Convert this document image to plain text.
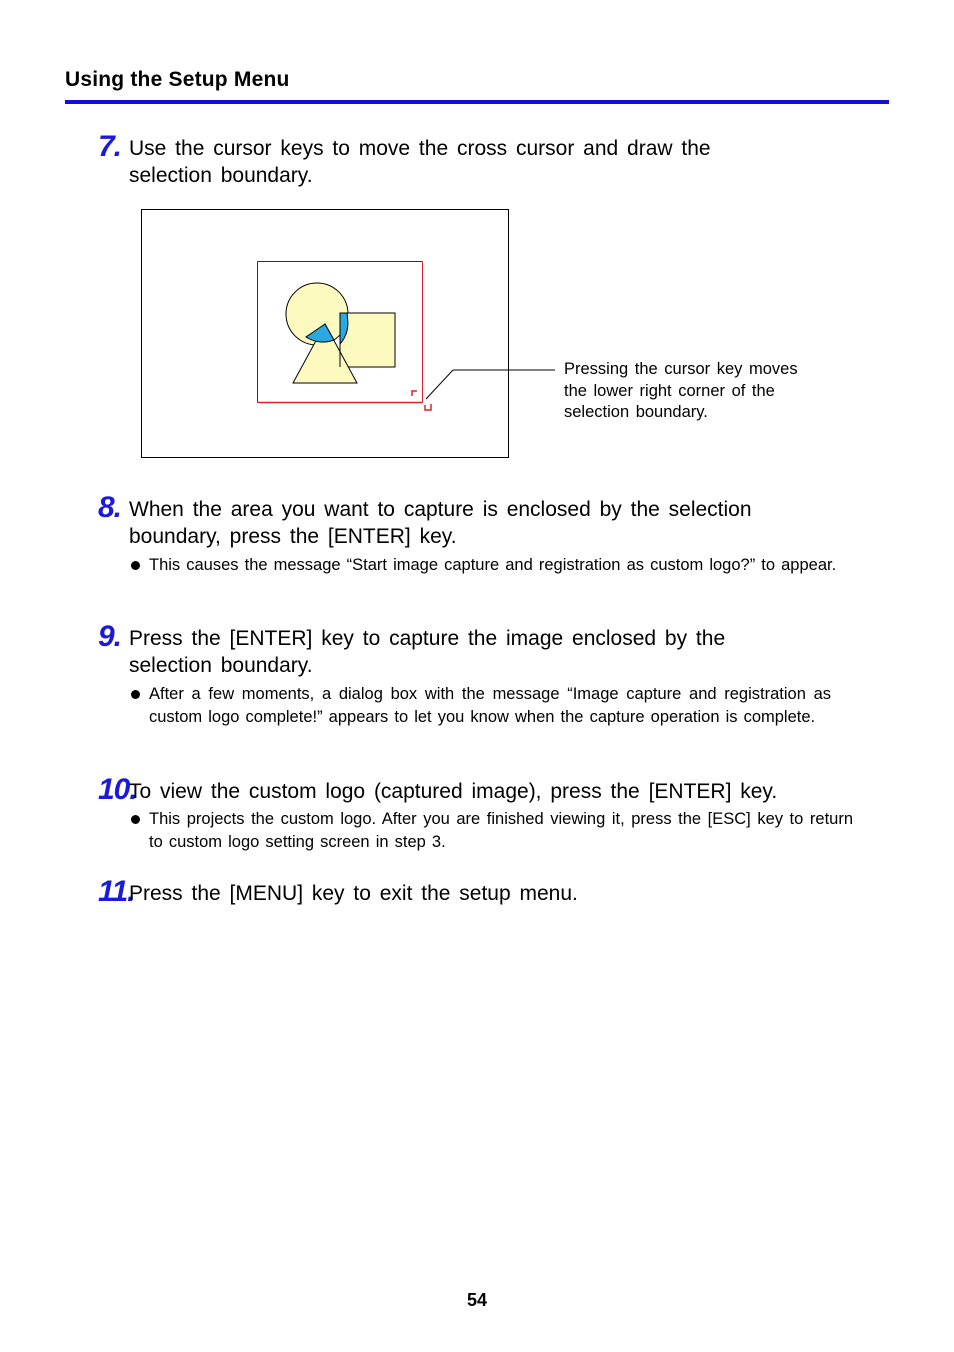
Using the Setup Menu
7. Use the cursor keys to move the cross cursor and draw the selection boundary.
Pressing the cursor key moves the lower right corner of the selection boundary.
8. When the area you want to capture is enclosed by the selection boundary, press the [ENTER] key.
This causes the message “Start image capture and registration as custom logo?” to appear.
9. Press the [ENTER] key to capture the image enclosed by the selection boundary.
After a few moments, a dialog box with the message “Image capture and registration as custom logo complete!” appears to let you know when the capture operation is complete.
10.
To view the custom logo (captured image), press the [ENTER] key.
This projects the custom logo. After you are finished viewing it, press the [ESC] key to return to custom logo setting screen in step 3.
11.
Press the [MENU] key to exit the setup menu.
54
